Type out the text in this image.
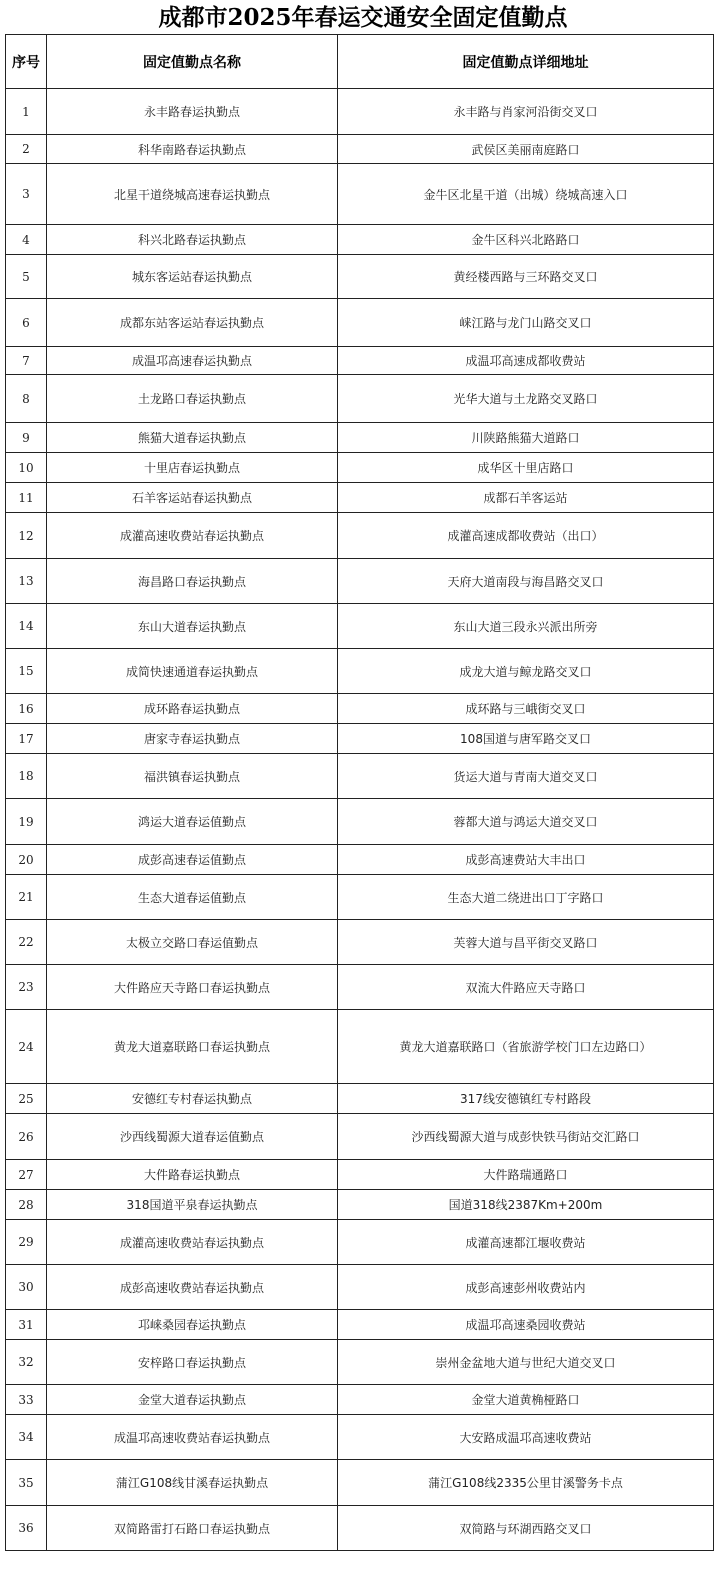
成都市2025年春运交通安全固定值勤点
序号	固定值勤点名称	固定值勤点详细地址
1	永丰路春运执勤点	永丰路与肖家河沿街交叉口
2	科华南路春运执勤点	武侯区美丽南庭路口
3	北星干道绕城高速春运执勤点	金牛区北星干道（出城）绕城高速入口
4	科兴北路春运执勤点	金牛区科兴北路路口
5	城东客运站春运执勤点	黄经楼西路与三环路交叉口
6	成都东站客运站春运执勤点	崃江路与龙门山路交叉口
7	成温邛高速春运执勤点	成温邛高速成都收费站
8	土龙路口春运执勤点	光华大道与土龙路交叉路口
9	熊猫大道春运执勤点	川陕路熊猫大道路口
10	十里店春运执勤点	成华区十里店路口
11	石羊客运站春运执勤点	成都石羊客运站
12	成灌高速收费站春运执勤点	成灌高速成都收费站（出口）
13	海昌路口春运执勤点	天府大道南段与海昌路交叉口
14	东山大道春运执勤点	东山大道三段永兴派出所旁
15	成简快速通道春运执勤点	成龙大道与鲸龙路交叉口
16	成环路春运执勤点	成环路与三峨街交叉口
17	唐家寺春运执勤点	108国道与唐军路交叉口
18	福洪镇春运执勤点	货运大道与青南大道交叉口
19	鸿运大道春运值勤点	蓉都大道与鸿运大道交叉口
20	成彭高速春运值勤点	成彭高速费站大丰出口
21	生态大道春运值勤点	生态大道二绕进出口丁字路口
22	太极立交路口春运值勤点	芙蓉大道与昌平街交叉路口
23	大件路应天寺路口春运执勤点	双流大件路应天寺路口
24	黄龙大道嘉联路口春运执勤点	黄龙大道嘉联路口（省旅游学校门口左边路口）
25	安德红专村春运执勤点	317线安德镇红专村路段
26	沙西线蜀源大道春运值勤点	沙西线蜀源大道与成彭快铁马街站交汇路口
27	大件路春运执勤点	大件路瑞通路口
28	318国道平泉春运执勤点	国道318线2387Km+200m
29	成灌高速收费站春运执勤点	成灌高速都江堰收费站
30	成彭高速收费站春运执勤点	成彭高速彭州收费站内
31	邛崃桑园春运执勤点	成温邛高速桑园收费站
32	安梓路口春运执勤点	崇州金盆地大道与世纪大道交叉口
33	金堂大道春运执勤点	金堂大道黄桷桠路口
34	成温邛高速收费站春运执勤点	大安路成温邛高速收费站
35	蒲江G108线甘溪春运执勤点	蒲江G108线2335公里甘溪警务卡点
36	双简路雷打石路口春运执勤点	双简路与环湖西路交叉口
